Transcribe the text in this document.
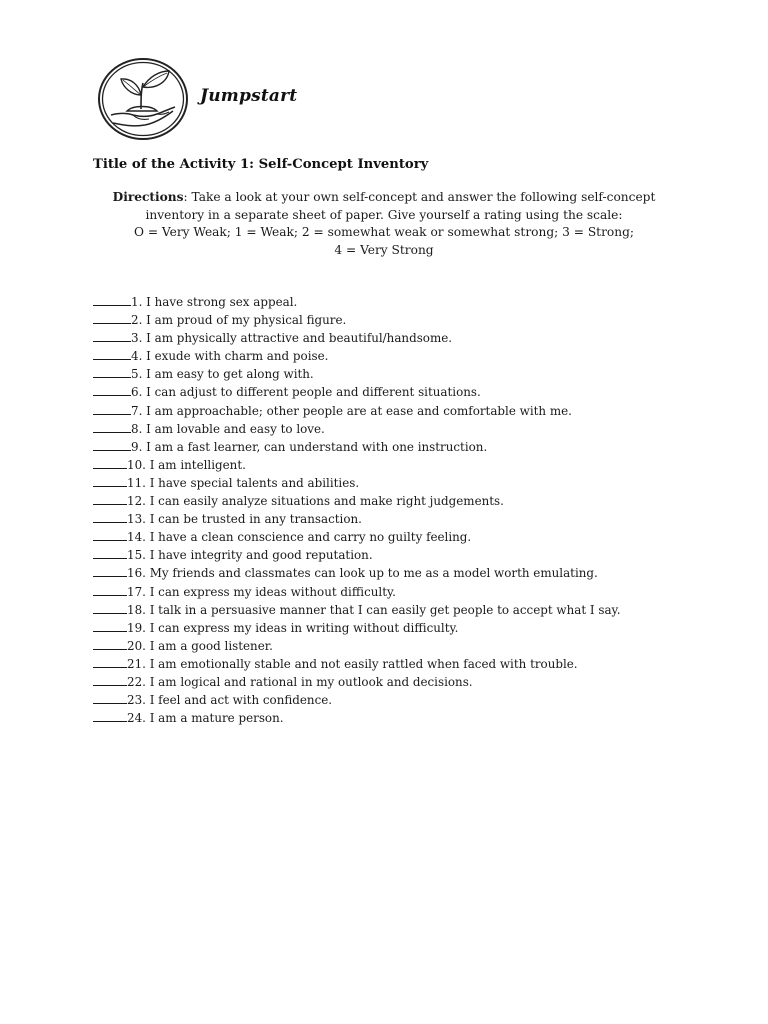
Jumpstart
Title of the Activity 1: Self-Concept Inventory
Directions: Take a look at your own self-concept and answer the following self-concept inventory in a separate sheet of paper. Give yourself a rating using the scale:
O = Very Weak; 1 = Weak; 2 = somewhat weak or somewhat strong; 3 = Strong;
4 = Very Strong
1. I have strong sex appeal.
2. I am proud of my physical figure.
3. I am physically attractive and beautiful/handsome.
4. I exude with charm and poise.
5. I am easy to get along with.
6. I can adjust to different people and different situations.
7. I am approachable; other people are at ease and comfortable with me.
8. I am lovable and easy to love.
9. I am a fast learner, can understand with one instruction.
10. I am intelligent.
11. I have special talents and abilities.
12. I can easily analyze situations and make right judgements.
13. I can be trusted in any transaction.
14. I have a clean conscience and carry no guilty feeling.
15. I have integrity and good reputation.
16. My friends and classmates can look up to me as a model worth emulating.
17. I can express my ideas without difficulty.
18. I talk in a persuasive manner that I can easily get people to accept what I say.
19. I can express my ideas in writing without difficulty.
20. I am a good listener.
21. I am emotionally stable and not easily rattled when faced with trouble.
22. I am logical and rational in my outlook and decisions.
23. I feel and act with confidence.
24. I am a mature person.
